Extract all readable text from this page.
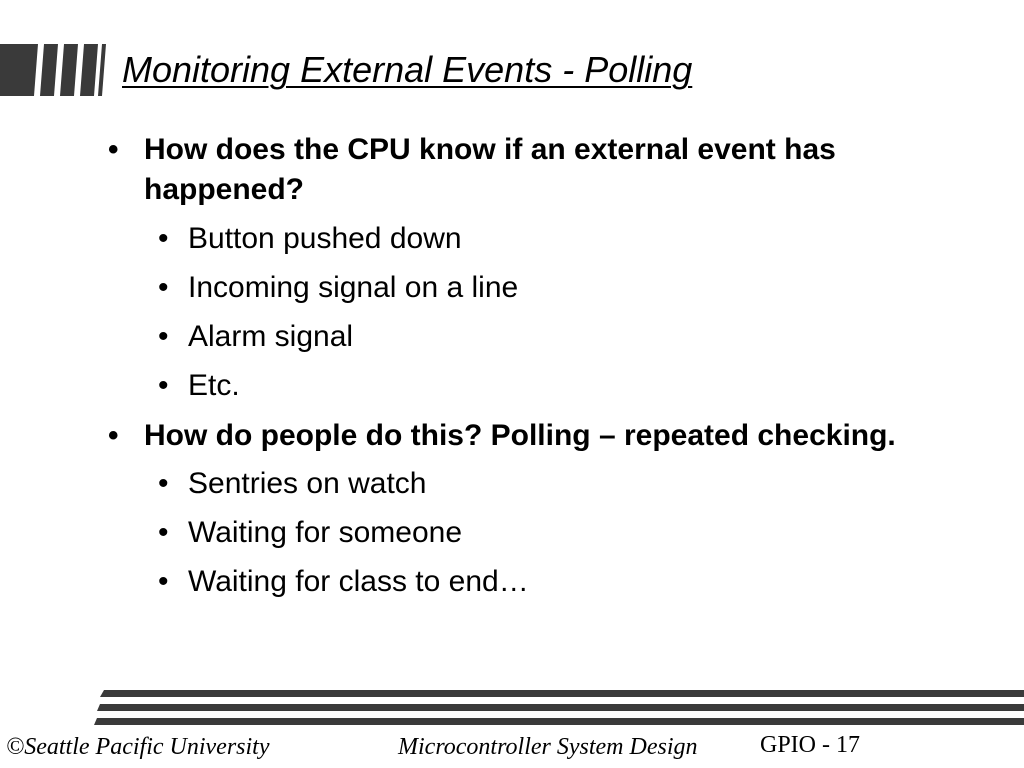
Monitoring External Events - Polling
• How does the CPU know if an external event has happened?
• Button pushed down
• Incoming signal on a line
• Alarm signal
• Etc.
• How do people do this? Polling – repeated checking.
• Sentries on watch
• Waiting for someone
• Waiting for class to end…
©Seattle Pacific University	Microcontroller System Design	GPIO - 17
